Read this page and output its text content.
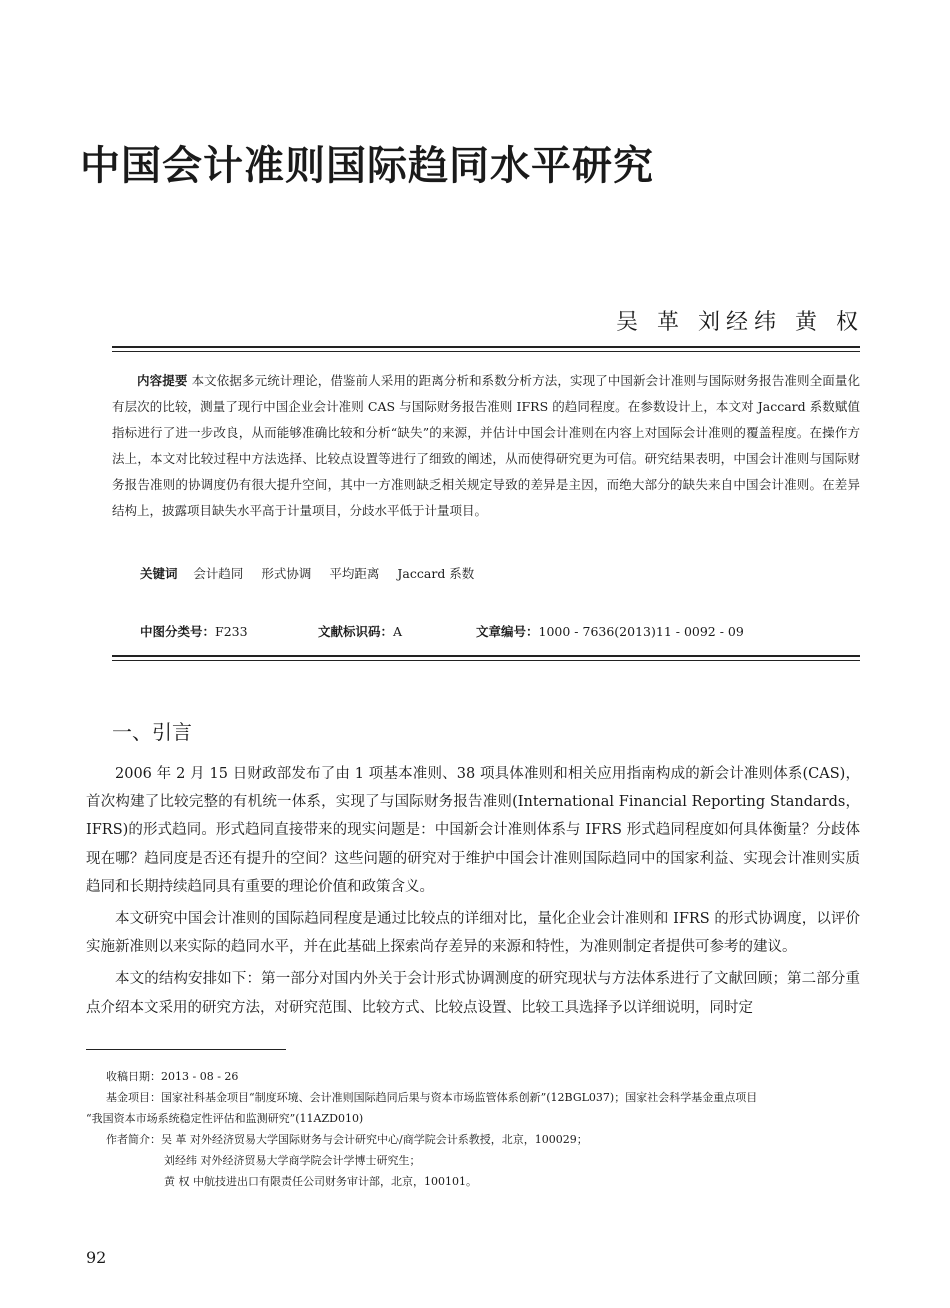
中国会计准则国际趋同水平研究
吴 革 刘经纬 黄 权
内容提要 本文依据多元统计理论，借鉴前人采用的距离分析和系数分析方法，实现了中国新会计准则与国际财务报告准则全面量化有层次的比较，测量了现行中国企业会计准则 CAS 与国际财务报告准则 IFRS 的趋同程度。在参数设计上，本文对 Jaccard 系数赋值指标进行了进一步改良，从而能够准确比较和分析“缺失”的来源，并估计中国会计准则在内容上对国际会计准则的覆盖程度。在操作方法上，本文对比较过程中方法选择、比较点设置等进行了细致的阐述，从而使得研究更为可信。研究结果表明，中国会计准则与国际财务报告准则的协调度仍有很大提升空间，其中一方准则缺乏相关规定导致的差异是主因，而绝大部分的缺失来自中国会计准则。在差异结构上，披露项目缺失水平高于计量项目，分歧水平低于计量项目。
关键词 会计趋同 形式协调 平均距离 Jaccard 系数
中图分类号：F233	文献标识码：A	文章编号：1000 - 7636(2013)11 - 0092 - 09
一、引言

2006 年 2 月 15 日财政部发布了由 1 项基本准则、38 项具体准则和相关应用指南构成的新会计准则体系(CAS)，首次构建了比较完整的有机统一体系，实现了与国际财务报告准则(International Financial Reporting Standards，IFRS)的形式趋同。形式趋同直接带来的现实问题是：中国新会计准则体系与 IFRS 形式趋同程度如何具体衡量？分歧体现在哪？趋同度是否还有提升的空间？这些问题的研究对于维护中国会计准则国际趋同中的国家利益、实现会计准则实质趋同和长期持续趋同具有重要的理论价值和政策含义。

本文研究中国会计准则的国际趋同程度是通过比较点的详细对比，量化企业会计准则和 IFRS 的形式协调度，以评价实施新准则以来实际的趋同水平，并在此基础上探索尚存差异的来源和特性，为准则制定者提供可参考的建议。

本文的结构安排如下：第一部分对国内外关于会计形式协调测度的研究现状与方法体系进行了文献回顾；第二部分重点介绍本文采用的研究方法，对研究范围、比较方式、比较点设置、比较工具选择予以详细说明，同时定

收稿日期：2013 - 08 - 26

基金项目：国家社科基金项目“制度环境、会计准则国际趋同后果与资本市场监管体系创新”(12BGL037)；国家社会科学基金重点项目

“我国资本市场系统稳定性评估和监测研究”(11AZD010)

作者简介：吴 革 对外经济贸易大学国际财务与会计研究中心/商学院会计系教授，北京，100029；

刘经纬 对外经济贸易大学商学院会计学博士研究生；

黄 权 中航技进出口有限责任公司财务审计部，北京，100101。

92
